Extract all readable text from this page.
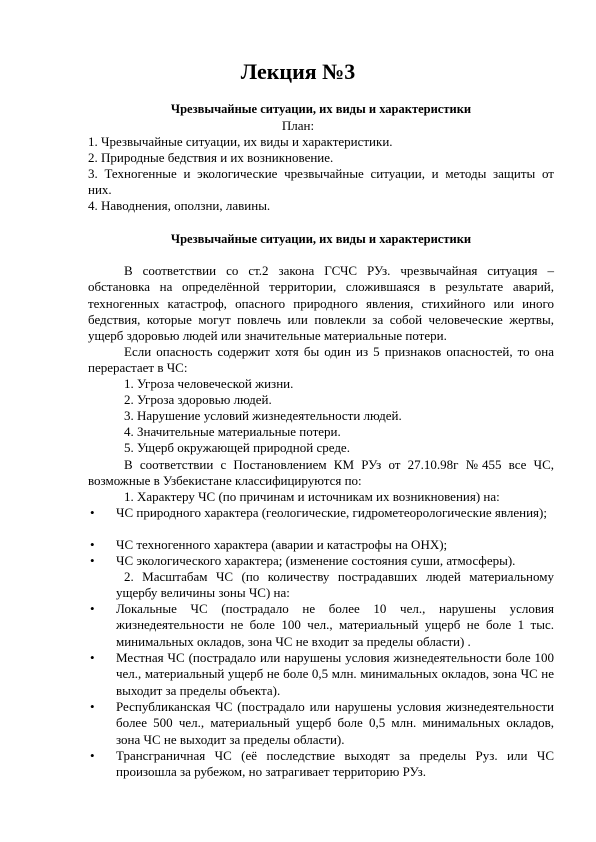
Лекция №3
Чрезвычайные ситуации, их виды и характеристики
План:
1. Чрезвычайные ситуации, их виды и характеристики.
2. Природные бедствия и их возникновение.
3. Техногенные и экологические чрезвычайные ситуации, и методы защиты от
них.
4. Наводнения, оползни, лавины.
Чрезвычайные ситуации, их виды и характеристики
В соответствии со ст.2 закона ГСЧС РУз. чрезвычайная ситуация – обстановка на определённой территории, сложившаяся в результате аварий, техногенных катастроф, опасного природного явления, стихийного или иного бедствия, которые могут повлечь или повлекли за собой человеческие жертвы, ущерб здоровью людей или значительные материальные потери.
Если опасность содержит хотя бы один из 5 признаков опасностей, то она перерастает в ЧС:
1. Угроза человеческой жизни.
2. Угроза здоровью людей.
3. Нарушение условий жизнедеятельности людей.
4. Значительные материальные потери.
5. Ущерб окружающей природной среде.
В соответствии с Постановлением КМ РУз от 27.10.98г №455 все ЧС, возможные в Узбекистане классифицируются по:
1. Характеру ЧС (по причинам и источникам их возникновения) на:
• ЧС природного характера (геологические, гидрометеорологические явления);
• ЧС техногенного характера (аварии и катастрофы на ОНХ);
• ЧС экологического характера; (изменение состояния суши, атмосферы).
2. Масштабам ЧС (по количеству пострадавших людей материальному ущербу величины зоны ЧС) на:
• Локальные ЧС (пострадало не более 10 чел., нарушены условия жизнедеятельности не боле 100 чел., материальный ущерб не боле 1 тыс. минимальных окладов, зона ЧС не входит за пределы области) .
• Местная ЧС (пострадало или нарушены условия жизнедеятельности боле 100 чел., материальный ущерб не боле 0,5 млн. минимальных окладов, зона ЧС не выходит за пределы объекта).
• Республиканская ЧС (пострадало или нарушены условия жизнедеятельности более 500 чел., материальный ущерб боле 0,5 млн. минимальных окладов, зона ЧС не выходит за пределы области).
• Трансграничная ЧС (её последствие выходят за пределы Руз. или ЧС произошла за рубежом, но затрагивает территорию РУз.
